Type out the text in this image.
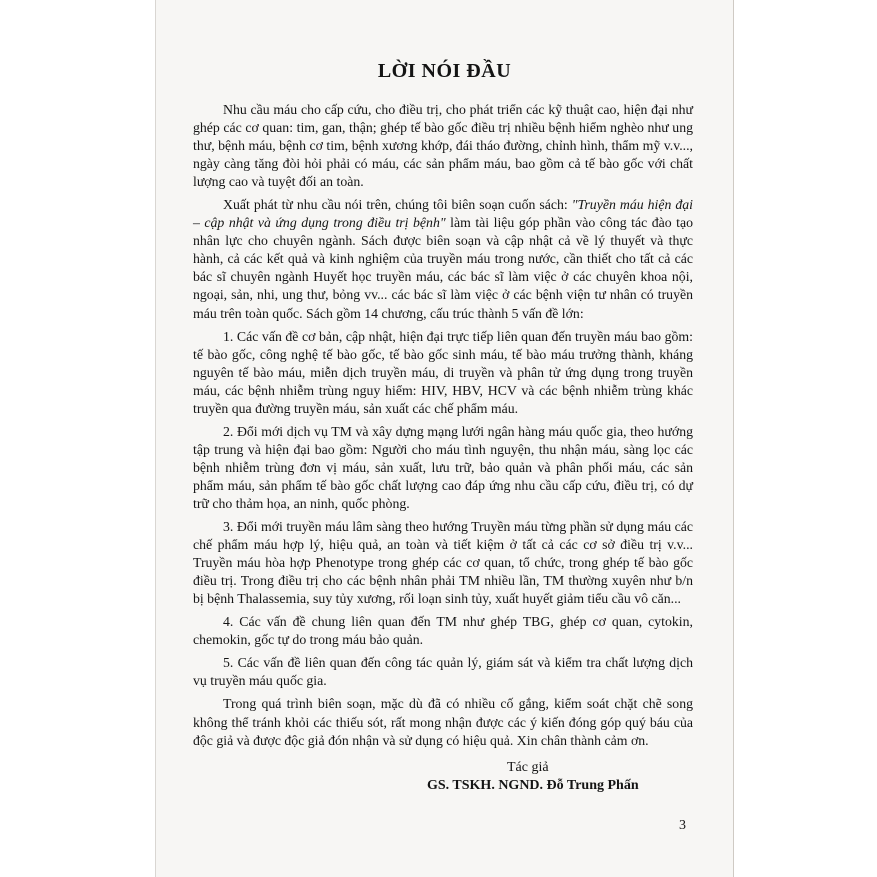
LỜI NÓI ĐẦU

Nhu cầu máu cho cấp cứu, cho điều trị, cho phát triển các kỹ thuật cao, hiện đại như ghép các cơ quan: tim, gan, thận; ghép tế bào gốc điều trị nhiều bệnh hiểm nghèo như ung thư, bệnh máu, bệnh cơ tim, bệnh xương khớp, đái tháo đường, chỉnh hình, thẩm mỹ v.v..., ngày càng tăng đòi hỏi phải có máu, các sản phẩm máu, bao gồm cả tế bào gốc với chất lượng cao và tuyệt đối an toàn.

Xuất phát từ nhu cầu nói trên, chúng tôi biên soạn cuốn sách: "Truyền máu hiện đại – cập nhật và ứng dụng trong điều trị bệnh" làm tài liệu góp phần vào công tác đào tạo nhân lực cho chuyên ngành. Sách được biên soạn và cập nhật cả về lý thuyết và thực hành, cả các kết quả và kinh nghiệm của truyền máu trong nước, cần thiết cho tất cả các bác sĩ chuyên ngành Huyết học truyền máu, các bác sĩ làm việc ở các chuyên khoa nội, ngoại, sản, nhi, ung thư, bỏng vv... các bác sĩ làm việc ở các bệnh viện tư nhân có truyền máu trên toàn quốc. Sách gồm 14 chương, cấu trúc thành 5 vấn đề lớn:

1. Các vấn đề cơ bản, cập nhật, hiện đại trực tiếp liên quan đến truyền máu bao gồm: tế bào gốc, công nghệ tế bào gốc, tế bào gốc sinh máu, tế bào máu trưởng thành, kháng nguyên tế bào máu, miễn dịch truyền máu, di truyền và phân tử ứng dụng trong truyền máu, các bệnh nhiễm trùng nguy hiểm: HIV, HBV, HCV và các bệnh nhiễm trùng khác truyền qua đường truyền máu, sản xuất các chế phẩm máu.

2. Đổi mới dịch vụ TM và xây dựng mạng lưới ngân hàng máu quốc gia, theo hướng tập trung và hiện đại bao gồm: Người cho máu tình nguyện, thu nhận máu, sàng lọc các bệnh nhiễm trùng đơn vị máu, sản xuất, lưu trữ, bảo quản và phân phối máu, các sản phẩm máu, sản phẩm tế bào gốc chất lượng cao đáp ứng nhu cầu cấp cứu, điều trị, có dự trữ cho thảm họa, an ninh, quốc phòng.

3. Đổi mới truyền máu lâm sàng theo hướng Truyền máu từng phần sử dụng máu các chế phẩm máu hợp lý, hiệu quả, an toàn và tiết kiệm ở tất cả các cơ sở điều trị v.v... Truyền máu hòa hợp Phenotype trong ghép các cơ quan, tổ chức, trong ghép tế bào gốc điều trị. Trong điều trị cho các bệnh nhân phải TM nhiều lần, TM thường xuyên như b/n bị bệnh Thalassemia, suy tủy xương, rối loạn sinh tủy, xuất huyết giảm tiểu cầu vô căn...

4. Các vấn đề chung liên quan đến TM như ghép TBG, ghép cơ quan, cytokin, chemokin, gốc tự do trong máu bảo quản.

5. Các vấn đề liên quan đến công tác quản lý, giám sát và kiểm tra chất lượng dịch vụ truyền máu quốc gia.

Trong quá trình biên soạn, mặc dù đã có nhiều cố gắng, kiểm soát chặt chẽ song không thể tránh khỏi các thiếu sót, rất mong nhận được các ý kiến đóng góp quý báu của độc giả và được độc giả đón nhận và sử dụng có hiệu quả. Xin chân thành cảm ơn.

Tác giả
GS. TSKH. NGND. Đỗ Trung Phấn
3
